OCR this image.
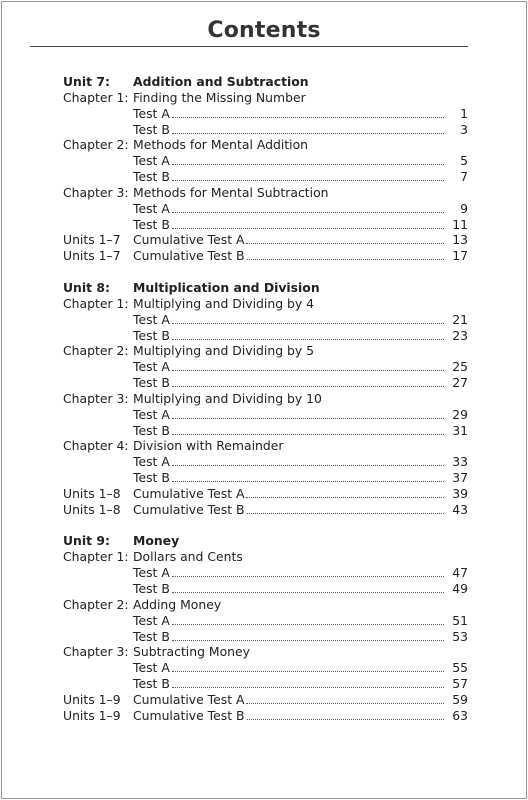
Contents
Unit 7: Addition and Subtraction
Chapter 1: Finding the Missing Number
Test A	1
Test B	3
Chapter 2: Methods for Mental Addition
Test A	5
Test B	7
Chapter 3: Methods for Mental Subtraction
Test A	9
Test B	11
Units 1–7 Cumulative Test A	13
Units 1–7 Cumulative Test B	17
Unit 8: Multiplication and Division
Chapter 1: Multiplying and Dividing by 4
Test A	21
Test B	23
Chapter 2: Multiplying and Dividing by 5
Test A	25
Test B	27
Chapter 3: Multiplying and Dividing by 10
Test A	29
Test B	31
Chapter 4: Division with Remainder
Test A	33
Test B	37
Units 1–8 Cumulative Test A	39
Units 1–8 Cumulative Test B	43
Unit 9: Money
Chapter 1: Dollars and Cents
Test A	47
Test B	49
Chapter 2: Adding Money
Test A	51
Test B	53
Chapter 3: Subtracting Money
Test A	55
Test B	57
Units 1–9 Cumulative Test A	59
Units 1–9 Cumulative Test B	63
